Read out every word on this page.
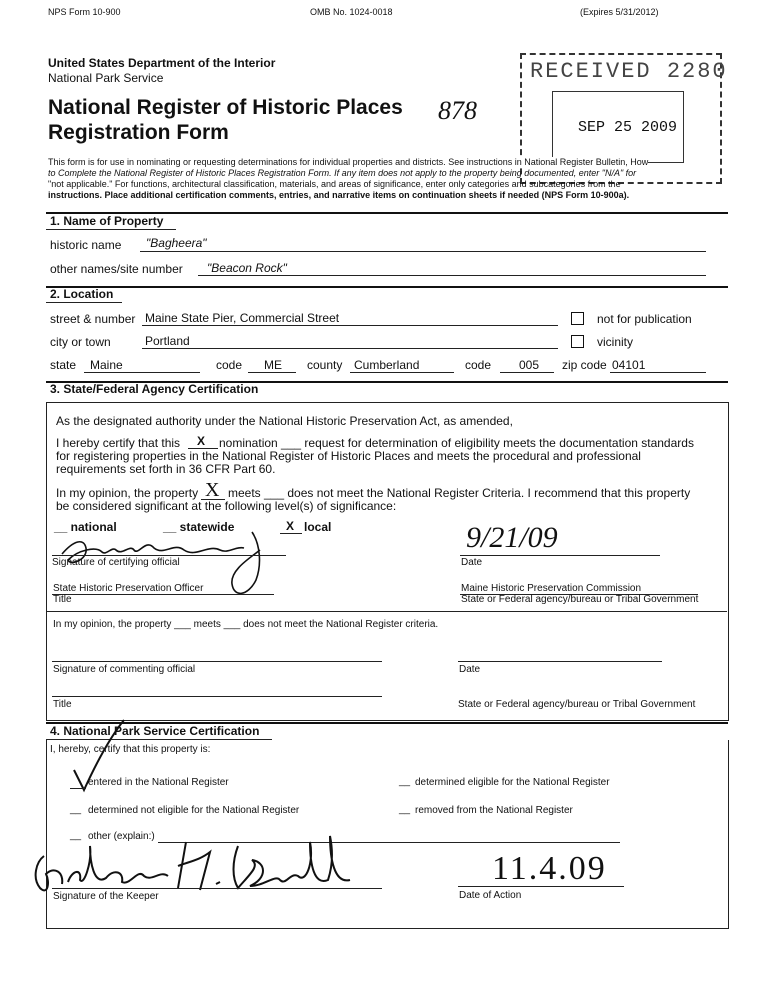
NPS Form 10-900	OMB No. 1024-0018	(Expires 5/31/2012)
United States Department of the Interior
National Park Service
National Register of Historic Places
Registration Form
878
RECEIVED 2280
SEP 25 2009
This form is for use in nominating or requesting determinations for individual properties and districts. See instructions in National Register Bulletin, How
to Complete the National Register of Historic Places Registration Form. If any item does not apply to the property being documented, enter "N/A" for
"not applicable." For functions, architectural classification, materials, and areas of significance, enter only categories and subcategories from the
instructions. Place additional certification comments, entries, and narrative items on continuation sheets if needed (NPS Form 10-900a).
1. Name of Property
historic name "Bagheera"
other names/site number "Beacon Rock"
2. Location
street & number Maine State Pier, Commercial Street	not for publication
city or town	Portland	vicinity
state Maine	code ME county Cumberland	code 005 zip code 04101
3. State/Federal Agency Certification
As the designated authority under the National Historic Preservation Act, as amended,
I hereby certify that this X nomination ___ request for determination of eligibility meets the documentation standards
for registering properties in the National Register of Historic Places and meets the procedural and professional
requirements set forth in 36 CFR Part 60.
In my opinion, the property X meets ___ does not meet the National Register Criteria. I recommend that this property
be considered significant at the following level(s) of significance:
__ national	__ statewide	X local
Signature of certifying official
9/21/09
Date
State Historic Preservation Officer
Title
Maine Historic Preservation Commission
State or Federal agency/bureau or Tribal Government
In my opinion, the property ___ meets ___ does not meet the National Register criteria.
Signature of commenting official	Date
Title	State or Federal agency/bureau or Tribal Government
4. National Park Service Certification
I, hereby, certify that this property is:
entered in the National Register	__ determined eligible for the National Register
__ determined not eligible for the National Register	__ removed from the National Register
__ other (explain:)
Signature of the Keeper
11.4.09
Date of Action
